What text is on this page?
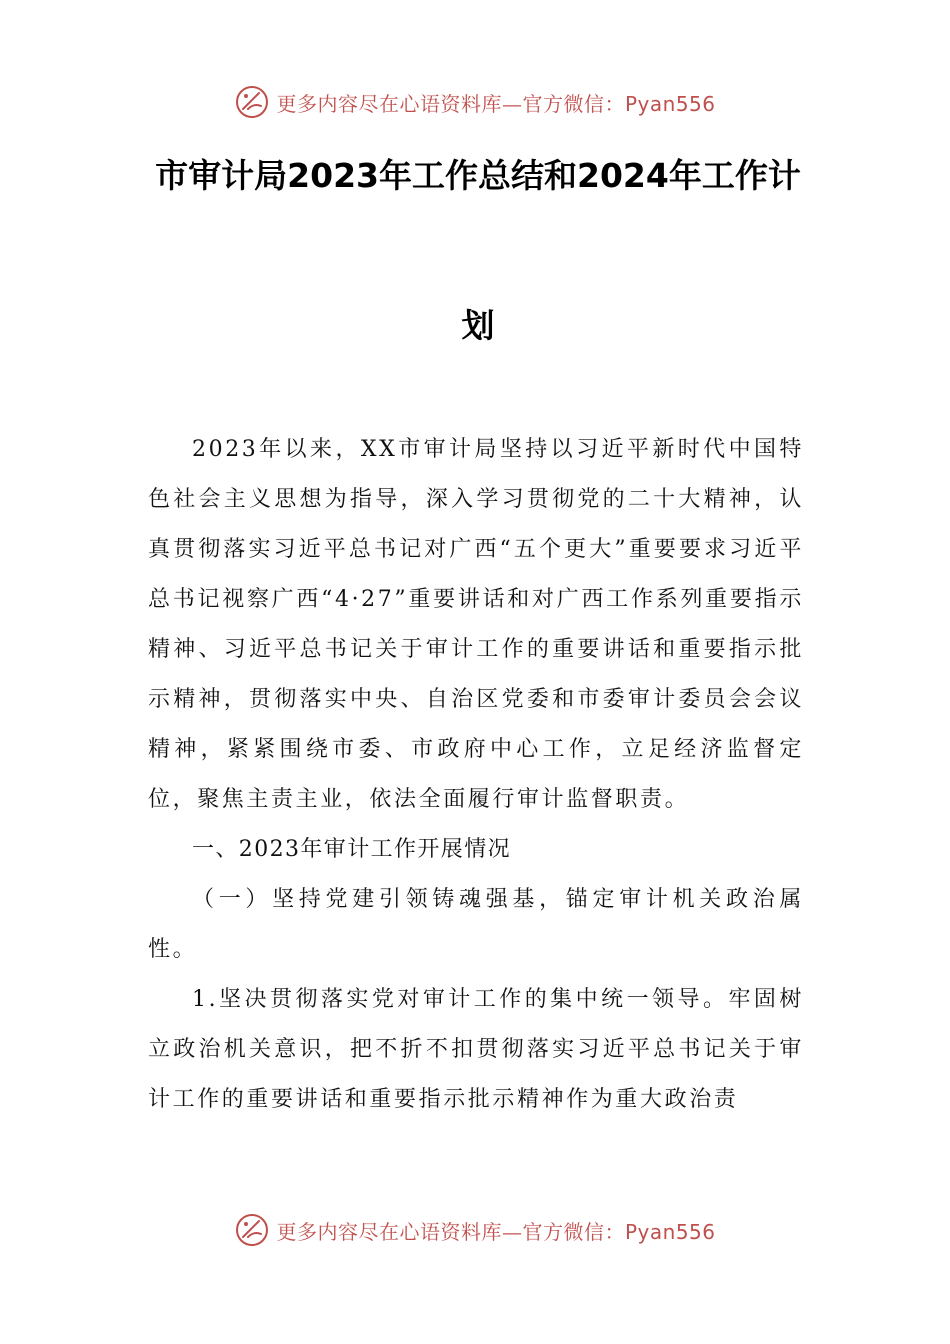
更多内容尽在心语资料库—官方微信：Pyan556
市审计局2023年工作总结和2024年工作计
划

2023年以来，XX市审计局坚持以习近平新时代中国特色社会主义思想为指导，深入学习贯彻党的二十大精神，认真贯彻落实习近平总书记对广西“五个更大”重要要求习近平总书记视察广西“4·27”重要讲话和对广西工作系列重要指示精神、习近平总书记关于审计工作的重要讲话和重要指示批示精神，贯彻落实中央、自治区党委和市委审计委员会会议精神，紧紧围绕市委、市政府中心工作，立足经济监督定位，聚焦主责主业，依法全面履行审计监督职责。

一、2023年审计工作开展情况

（一）坚持党建引领铸魂强基，锚定审计机关政治属性。

1.坚决贯彻落实党对审计工作的集中统一领导。牢固树立政治机关意识，把不折不扣贯彻落实习近平总书记关于审计工作的重要讲话和重要指示批示精神作为重大政治责

更多内容尽在心语资料库—官方微信：Pyan556
